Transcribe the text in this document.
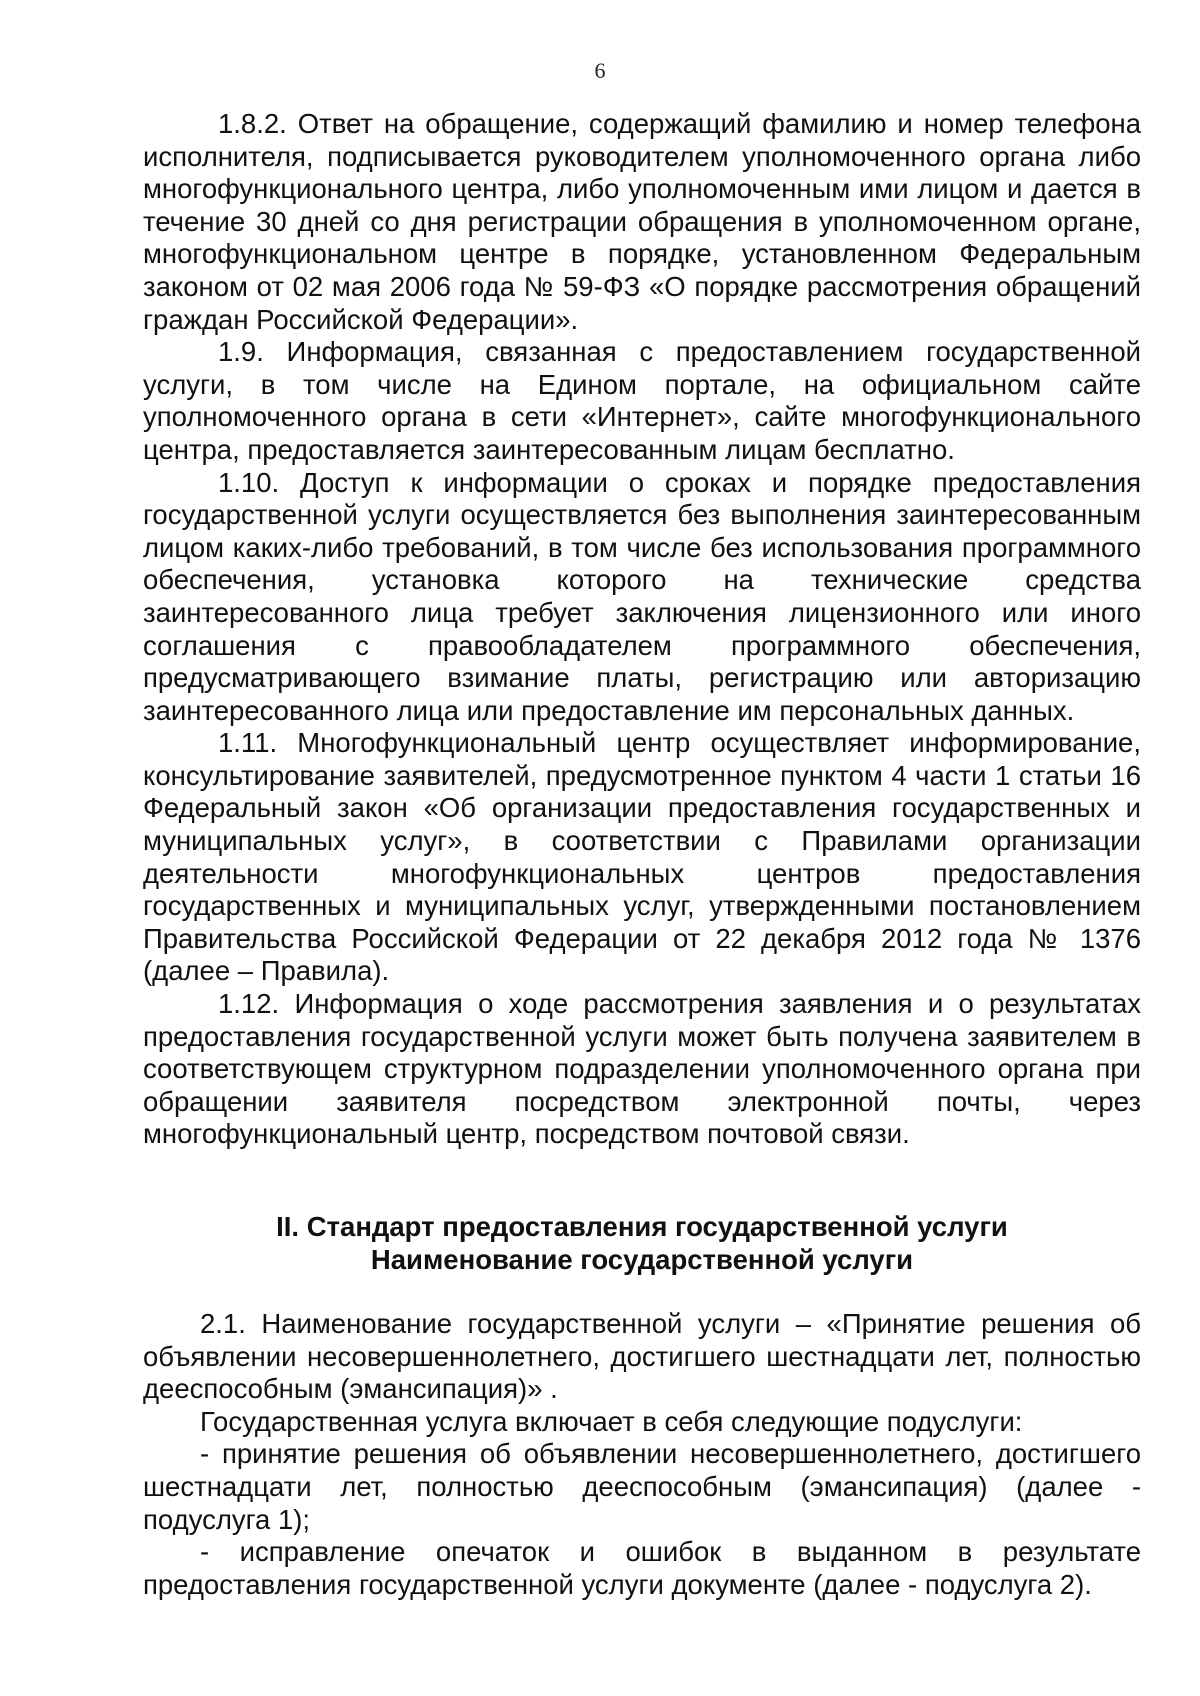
6

1.8.2. Ответ на обращение, содержащий фамилию и номер телефона исполнителя, подписывается руководителем уполномоченного органа либо многофункционального центра, либо уполномоченным ими лицом и дается в течение 30 дней со дня регистрации обращения в уполномоченном органе, многофункциональном центре в порядке, установленном Федеральным законом от 02 мая 2006 года № 59-ФЗ «О порядке рассмотрения обращений граждан Российской Федерации».

1.9. Информация, связанная с предоставлением государственной услуги, в том числе на Едином портале, на официальном сайте уполномоченного органа в сети «Интернет», сайте многофункционального центра, предоставляется заинтересованным лицам бесплатно.

1.10. Доступ к информации о сроках и порядке предоставления государственной услуги осуществляется без выполнения заинтересованным лицом каких-либо требований, в том числе без использования программного обеспечения, установка которого на технические средства заинтересованного лица требует заключения лицензионного или иного соглашения с правообладателем программного обеспечения, предусматривающего взимание платы, регистрацию или авторизацию заинтересованного лица или предоставление им персональных данных.

1.11. Многофункциональный центр осуществляет информирование, консультирование заявителей, предусмотренное пунктом 4 части 1 статьи 16 Федеральный закон «Об организации предоставления государственных и муниципальных услуг», в соответствии с Правилами организации деятельности многофункциональных центров предоставления государственных и муниципальных услуг, утвержденными постановлением Правительства Российской Федерации от 22 декабря 2012 года № 1376 (далее – Правила).

1.12. Информация о ходе рассмотрения заявления и о результатах предоставления государственной услуги может быть получена заявителем в соответствующем структурном подразделении уполномоченного органа при обращении заявителя посредством электронной почты, через многофункциональный центр, посредством почтовой связи.

II. Стандарт предоставления государственной услуги

Наименование государственной услуги

2.1. Наименование государственной услуги – «Принятие решения об объявлении несовершеннолетнего, достигшего шестнадцати лет, полностью дееспособным (эмансипация)» .

Государственная услуга включает в себя следующие подуслуги:

- принятие решения об объявлении несовершеннолетнего, достигшего шестнадцати лет, полностью дееспособным (эмансипация) (далее - подуслуга 1);

- исправление опечаток и ошибок в выданном в результате предоставления государственной услуги документе (далее - подуслуга 2).
